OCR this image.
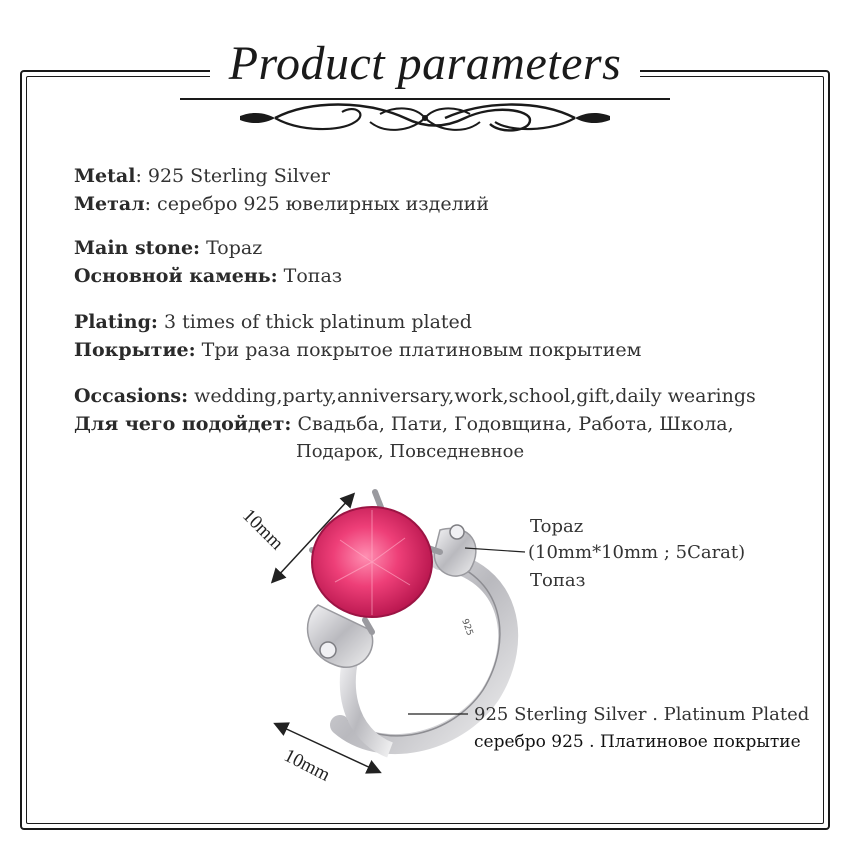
Product parameters
Metal: 925 Sterling Silver
Метал: серебро 925 ювелирных изделий
Main stone: Topaz
Основной камень: Топаз
Plating: 3 times of thick platinum plated
Покрытие: Три раза покрытое платиновым покрытием
Occasions: wedding,party,anniversary,work,school,gift,daily wearings
Для чего подойдет: Свадьба, Пати, Годовщина, Работа, Школа,
Подарок, Повседневное
925
10mm
10mm
Topaz
(10mm*10mm ; 5Carat)
Топаз
925 Sterling Silver . Platinum Plated
серебро 925 . Платиновое покрытие
